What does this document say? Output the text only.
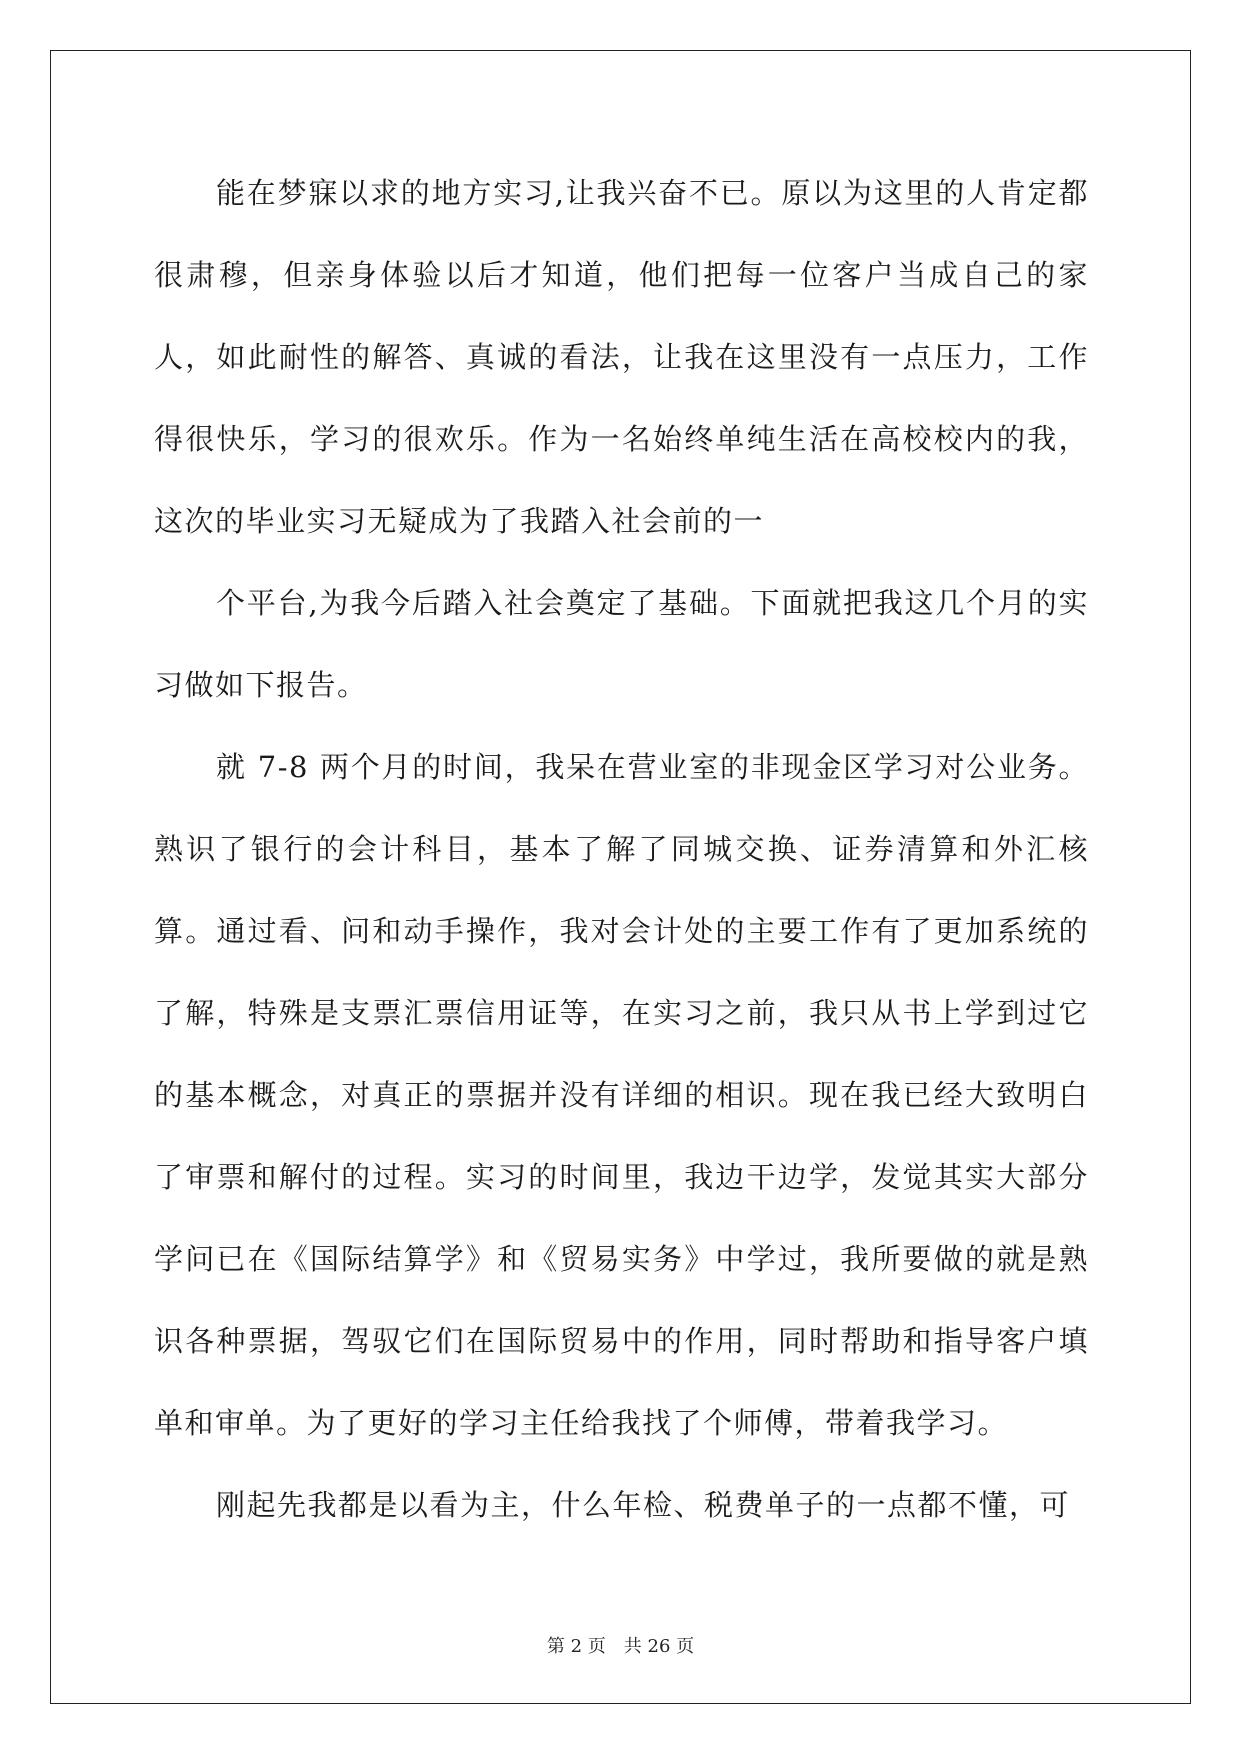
能在梦寐以求的地方实习,让我兴奋不已。原以为这里的人肯定都很肃穆，但亲身体验以后才知道，他们把每一位客户当成自己的家人，如此耐性的解答、真诚的看法，让我在这里没有一点压力，工作得很快乐，学习的很欢乐。作为一名始终单纯生活在高校校内的我，这次的毕业实习无疑成为了我踏入社会前的一

个平台,为我今后踏入社会奠定了基础。下面就把我这几个月的实习做如下报告。

就 7-8 两个月的时间，我呆在营业室的非现金区学习对公业务。熟识了银行的会计科目，基本了解了同城交换、证券清算和外汇核算。通过看、问和动手操作，我对会计处的主要工作有了更加系统的了解，特殊是支票汇票信用证等，在实习之前，我只从书上学到过它的基本概念，对真正的票据并没有详细的相识。现在我已经大致明白了审票和解付的过程。实习的时间里，我边干边学，发觉其实大部分学问已在《国际结算学》和《贸易实务》中学过，我所要做的就是熟识各种票据，驾驭它们在国际贸易中的作用，同时帮助和指导客户填单和审单。为了更好的学习主任给我找了个师傅，带着我学习。

刚起先我都是以看为主，什么年检、税费单子的一点都不懂，可

第 2 页 共 26 页
